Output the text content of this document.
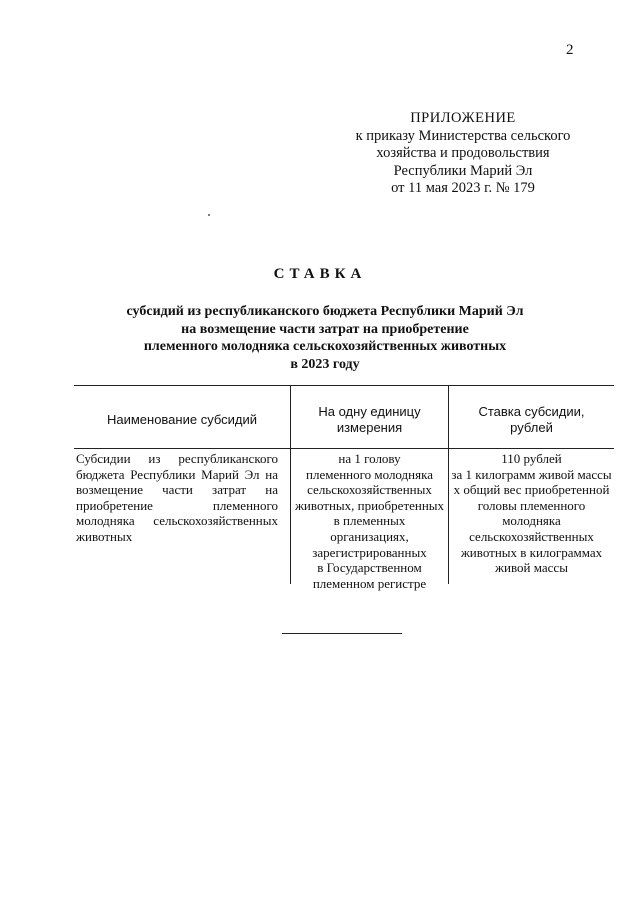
2
ПРИЛОЖЕНИЕ
к приказу Министерства сельского
хозяйства и продовольствия
Республики Марий Эл
от 11 мая 2023 г. № 179
СТАВКА
субсидий из республиканского бюджета Республики Марий Эл
на возмещение части затрат на приобретение
племенного молодняка сельскохозяйственных животных
в 2023 году
Наименование субсидий
На одну единицу
измерения
Ставка субсидии,
рублей
Субсидии из республиканского бюджета Республики Марий Эл на возмещение части затрат на приобретение племенного молодняка сельскохозяйственных животных
на 1 голову
племенного молодняка
сельскохозяйственных
животных, приобретенных
в племенных
организациях,
зарегистрированных
в Государственном
племенном регистре
110 рублей
за 1 килограмм живой массы
х общий вес приобретенной
головы племенного
молодняка
сельскохозяйственных
животных в килограммах
живой массы
